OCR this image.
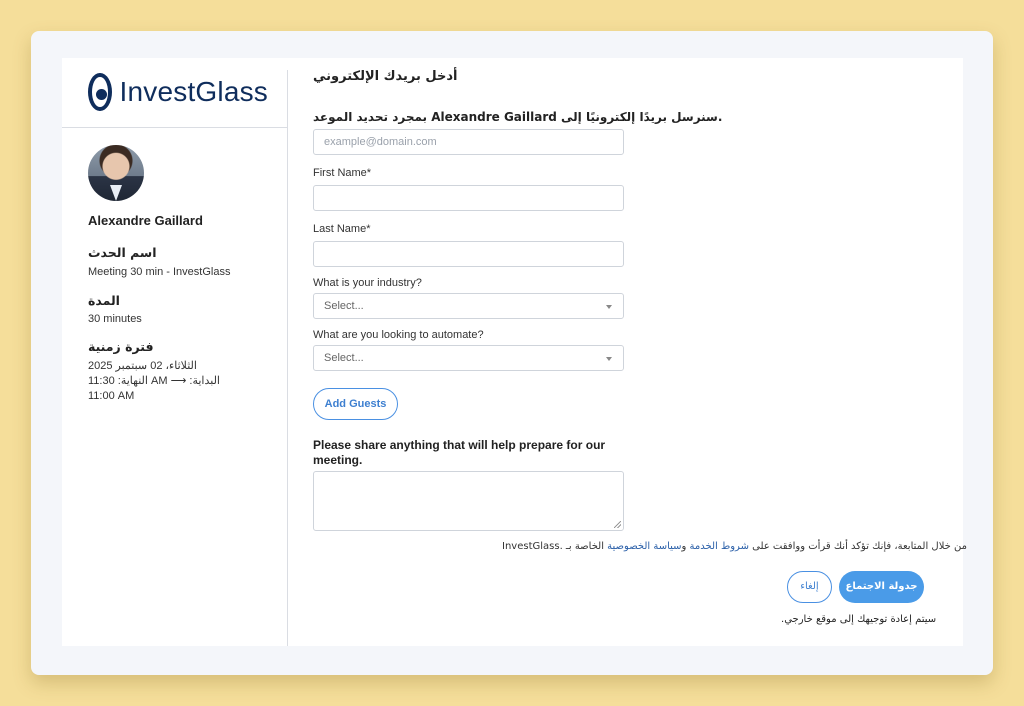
InvestGlass
Alexandre Gaillard
اسم الحدث
Meeting 30 min - InvestGlass
المدة
30 minutes
فترة زمنية
الثلاثاء، 02 سبتمبر 2025
النهاية: 11:30 AM ⟶ البداية: 11:00 AM
أدخل بريدك الإلكتروني
بمجرد تحديد الموعد Alexandre Gaillard سنرسل بريدًا إلكترونيًا إلى.
example@domain.com
First Name*
Last Name*
What is your industry?
Select...
What are you looking to automate?
Select...
Add Guests
Please share anything that will help prepare for our meeting.
InvestGlass. من خلال المتابعة، فإنك تؤكد أنك قرأت ووافقت على شروط الخدمة وسياسة الخصوصية الخاصة بـ
إلغاء	جدولة الاجتماع
.سيتم إعادة توجيهك إلى موقع خارجي
